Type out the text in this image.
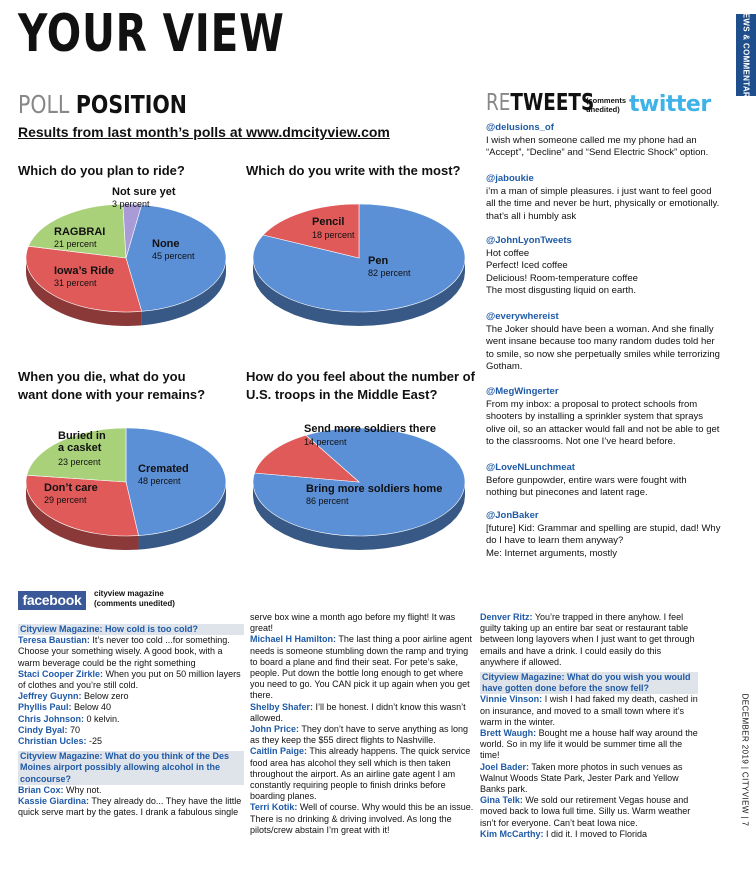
YOUR VIEW	NEWS & COMMENTARY
POLL POSITION
Results from last month’s polls at www.dmcityview.com
Which do you plan to ride?
Not sure yet
3 percent
RAGBRAI
21 percent	None
45 percent
Iowa’s Ride
31 percent
Which do you write with the most?
Pencil
18 percent
Pen
82 percent
When you die, what do you
want done with your remains?
Buried in
a casket
23 percent
Cremated
48 percent
Don’t care
29 percent
How do you feel about the number of
U.S. troops in the Middle East?
Send more soldiers there
14 percent
Bring more soldiers home
86 percent
RETWEETS
(comments
unedited) twitter
@delusions_of
I wish when someone called me my phone had an
“Accept”, “Decline” and “Send Electric Shock” option.
@jaboukie
i’m a man of simple pleasures. i just want to feel good
all the time and never be hurt, physically or emotionally.
that’s all i humbly ask
@JohnLyonTweets
Hot coffee
Perfect! Iced coffee
Delicious! Room-temperature coffee
The most disgusting liquid on earth.
@everywhereist
The Joker should have been a woman. And she finally
went insane because too many random dudes told her
to smile, so now she perpetually smiles while terrorizing
Gotham.
@MegWingerter
From my inbox: a proposal to protect schools from
shooters by installing a sprinkler system that sprays
olive oil, so an attacker would fall and not be able to get
to the classrooms. Not one I’ve heard before.
@LoveNLunchmeat
Before gunpowder, entire wars were fought with
nothing but pinecones and latent rage.
@JonBaker
[future] Kid: Grammar and spelling are stupid, dad! Why
do I have to learn them anyway?
Me: Internet arguments, mostly
facebook	cityview magazine
(comments unedited)
Cityview Magazine: How cold is too cold?

Teresa Baustian: It’s never too cold ...for something. Choose your something wisely. A good book, with a warm beverage could be the right something

Staci Cooper Zirkle: When you put on 50 million layers of clothes and you’re still cold.

Jeffrey Guynn: Below zero

Phyllis Paul: Below 40

Chris Johnson: 0 kelvin.

Cindy Byal: 70

Christian Ucles: -25

Cityview Magazine: What do you think of the Des Moines airport possibly allowing alcohol in the concourse?

Brian Cox: Why not.

Kassie Giardina: They already do... They have the little quick serve mart by the gates. I drank a fabulous single

serve box wine a month ago before my flight! It was great!

Michael H Hamilton: The last thing a poor airline agent needs is someone stumbling down the ramp and trying to board a plane and find their seat. For pete’s sake, people. Put down the bottle long enough to get where you need to go. You CAN pick it up again when you get there.

Shelby Shafer: I’ll be honest. I didn’t know this wasn’t allowed.

John Price: They don’t have to serve anything as long as they keep the $55 direct flights to Nashville.

Caitlin Paige: This already happens. The quick service food area has alcohol they sell which is then taken throughout the airport. As an airline gate agent I am constantly requiring people to finish drinks before boarding planes.

Terri Kotik: Well of course. Why would this be an issue. There is no drinking & driving involved. As long the pilots/crew abstain I’m great with it!

Denver Ritz: You’re trapped in there anyhow. I feel guilty taking up an entire bar seat or restaurant table between long layovers when I just want to get through emails and have a drink. I could easily do this anywhere if allowed.

Cityview Magazine: What do you wish you would have gotten done before the snow fell?

Vinnie Vinson: I wish I had faked my death, cashed in on insurance, and moved to a small town where it’s warm in the winter.

Brett Waugh: Bought me a house half way around the world. So in my life it would be summer time all the time!

Joel Bader: Taken more photos in such venues as Walnut Woods State Park, Jester Park and Yellow Banks park.

Gina Telk: We sold our retirement Vegas house and moved back to Iowa full time. Silly us. Warm weather isn’t for everyone. Can’t beat Iowa nice.

Kim McCarthy: I did it. I moved to Florida

DECEMBER 2019 | CITYVIEW | 7
